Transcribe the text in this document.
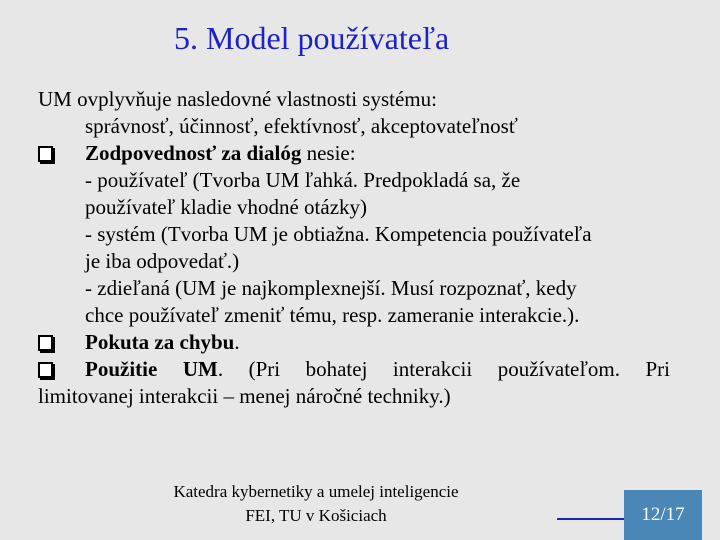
5. Model používateľa
UM ovplyvňuje nasledovné vlastnosti systému:
správnosť, účinnosť, efektívnosť, akceptovateľnosť
Zodpovednosť za dialóg nesie:
- používateľ (Tvorba UM ľahká. Predpokladá sa, že
používateľ kladie vhodné otázky)
- systém (Tvorba UM je obtiažna. Kompetencia používateľa
je iba odpovedať.)
- zdieľaná (UM je najkomplexnejší. Musí rozpoznať, kedy
chce používateľ zmeniť tému, resp. zameranie interakcie.).
Pokuta za chybu.
Použitie UM. (Pri bohatej interakcii používateľom. Pri
limitovanej interakcii – menej náročné techniky.)
Katedra kybernetiky a umelej inteligencie
FEI, TU v Košiciach	12/17
